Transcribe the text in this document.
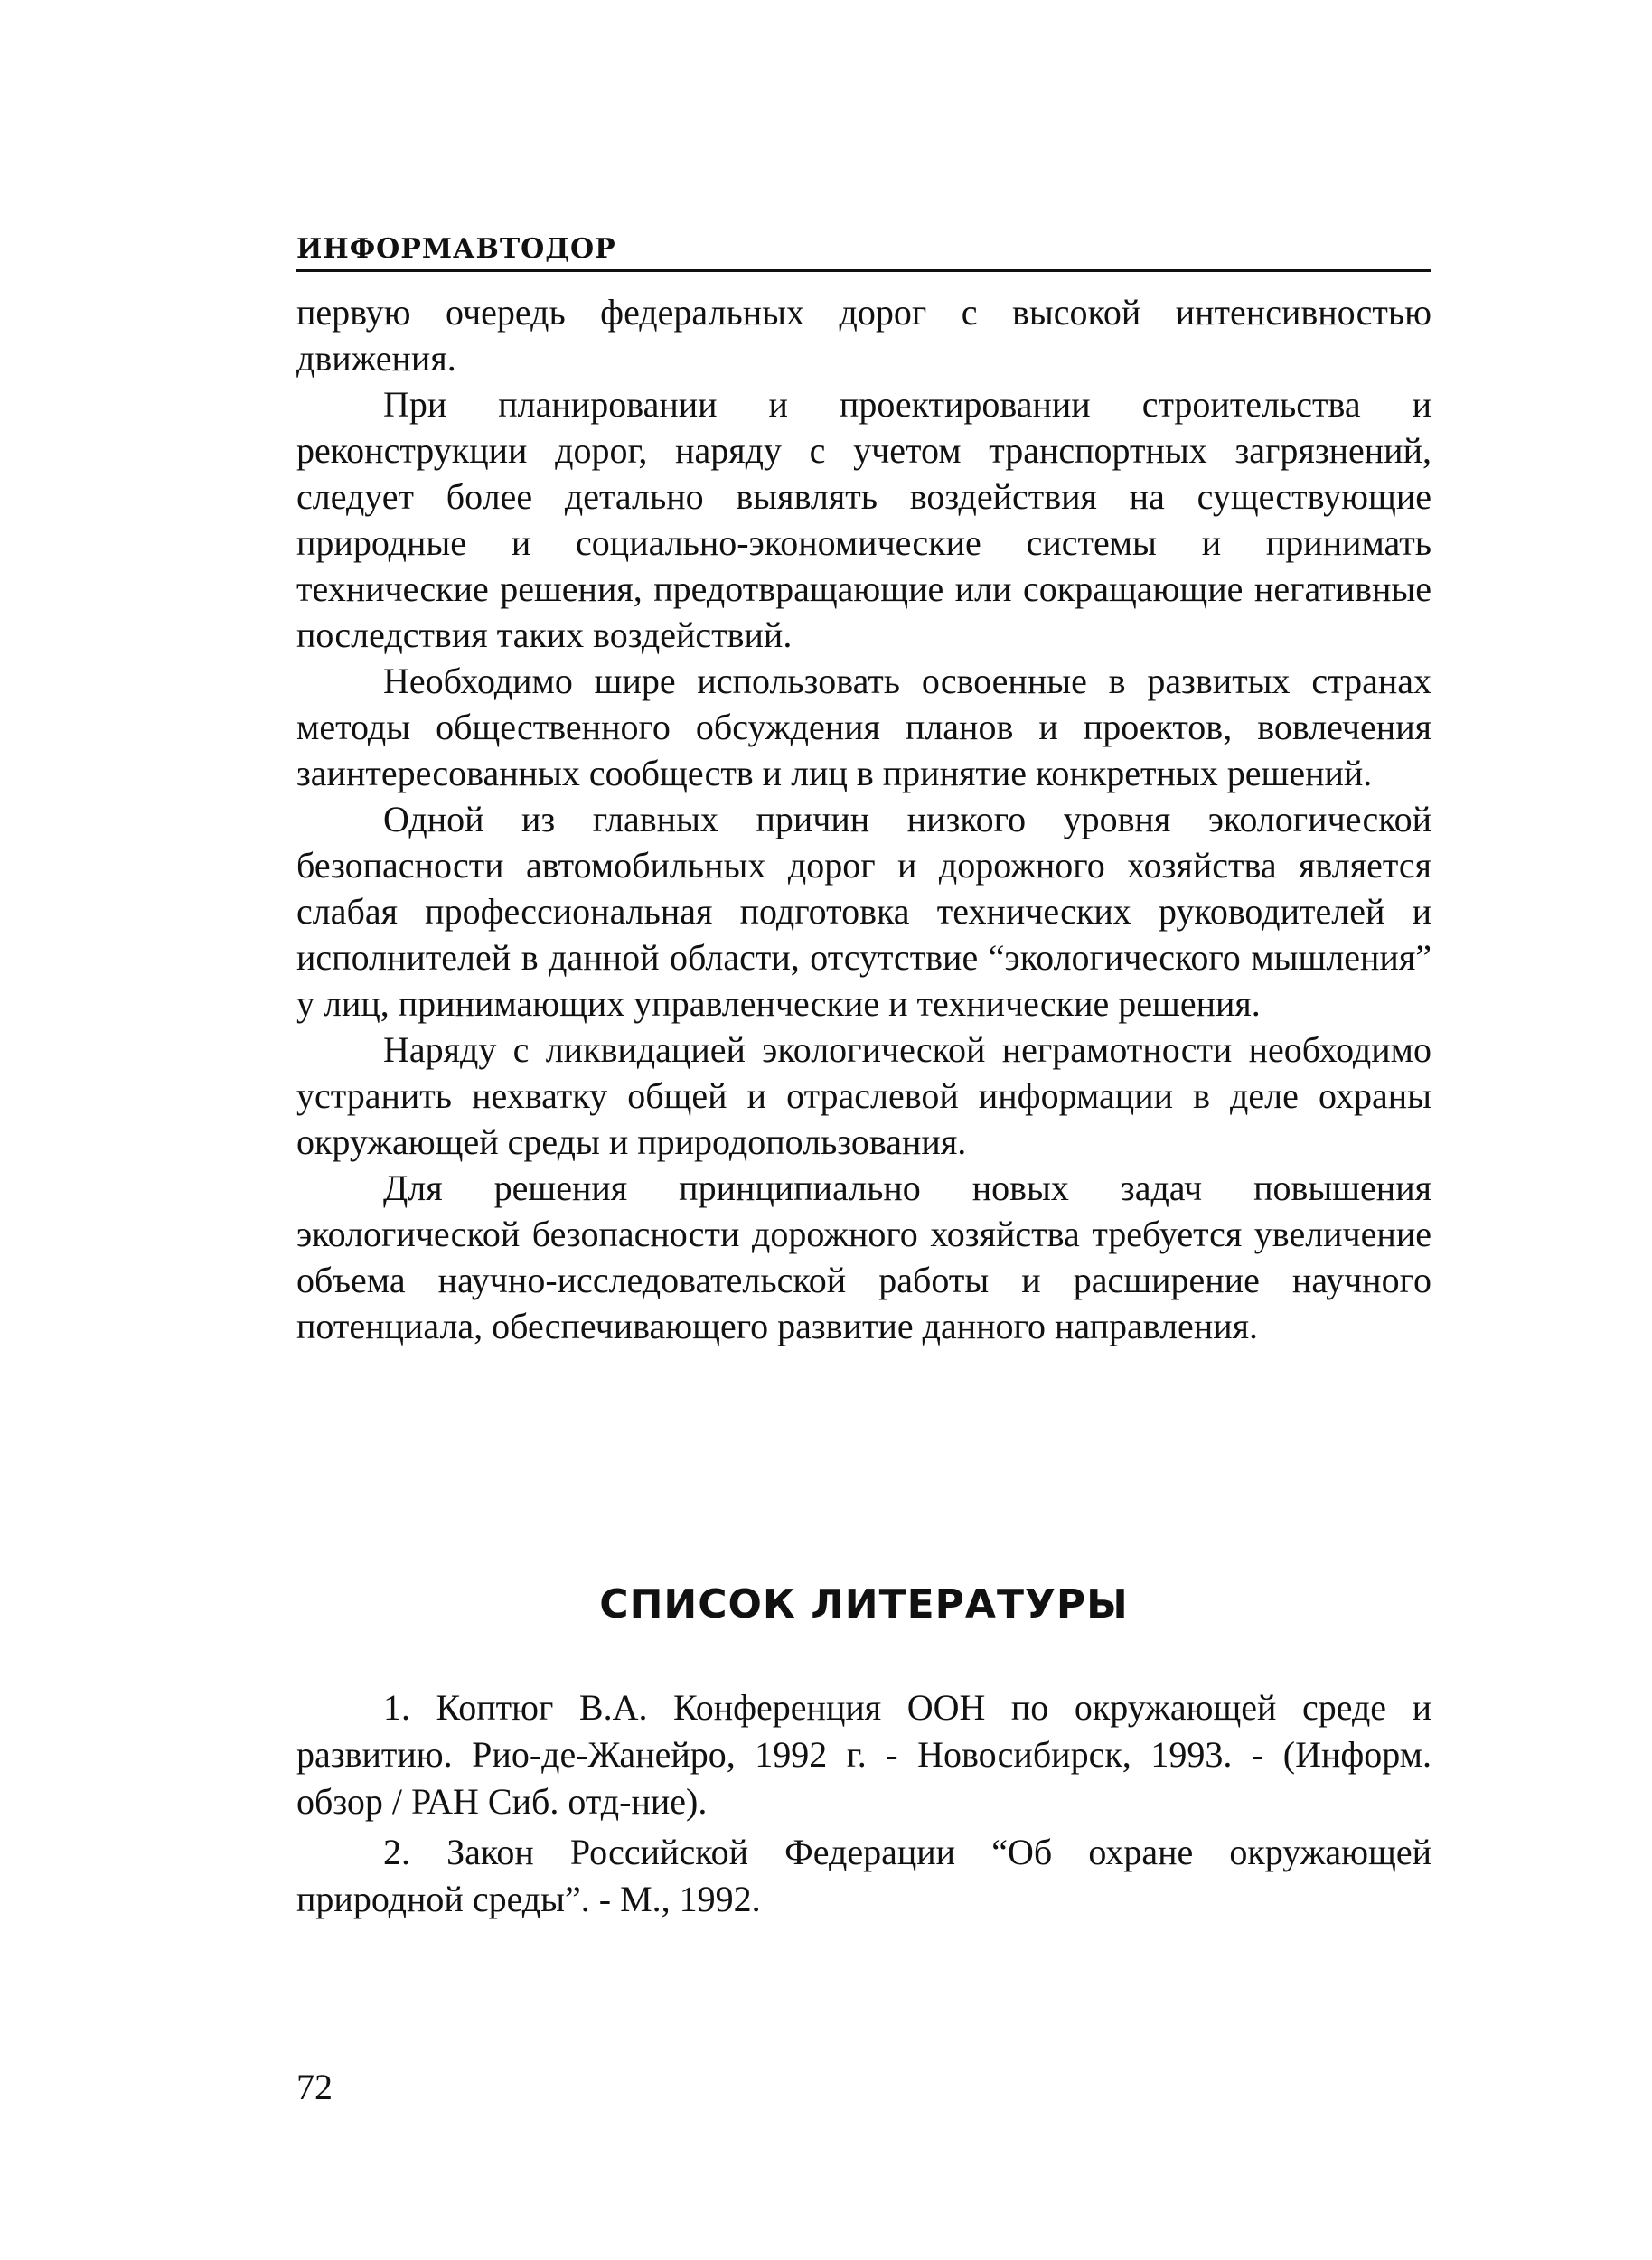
ИНФОРМАВТОДОР

первую очередь федеральных дорог с высокой интенсивностью движения.

При планировании и проектировании строительства и реконструкции дорог, наряду с учетом транспортных загрязнений, следует более детально выявлять воздействия на существующие природные и социально-экономические системы и принимать технические решения, предотвращающие или сокращающие негативные последствия таких воздействий.

Необходимо шире использовать освоенные в развитых странах методы общественного обсуждения планов и проектов, вовлечения заинтересованных сообществ и лиц в принятие конкретных решений.

Одной из главных причин низкого уровня экологической безопасности автомобильных дорог и дорожного хозяйства является слабая профессиональная подготовка технических руководителей и исполнителей в данной области, отсутствие “экологического мышления” у лиц, принимающих управленческие и технические решения.

Наряду с ликвидацией экологической неграмотности необходимо устранить нехватку общей и отраслевой информации в деле охраны окружающей среды и природопользования.

Для решения принципиально новых задач повышения экологической безопасности дорожного хозяйства требуется увеличение объема научно-исследовательской работы и расширение научного потенциала, обеспечивающего развитие данного направления.

СПИСОК ЛИТЕРАТУРЫ

1. Коптюг В.А. Конференция ООН по окружающей среде и развитию. Рио-де-Жанейро, 1992 г. - Новосибирск, 1993. - (Информ. обзор / РАН Сиб. отд-ние).

2. Закон Российской Федерации “Об охране окружающей природной среды”. - М., 1992.

72
